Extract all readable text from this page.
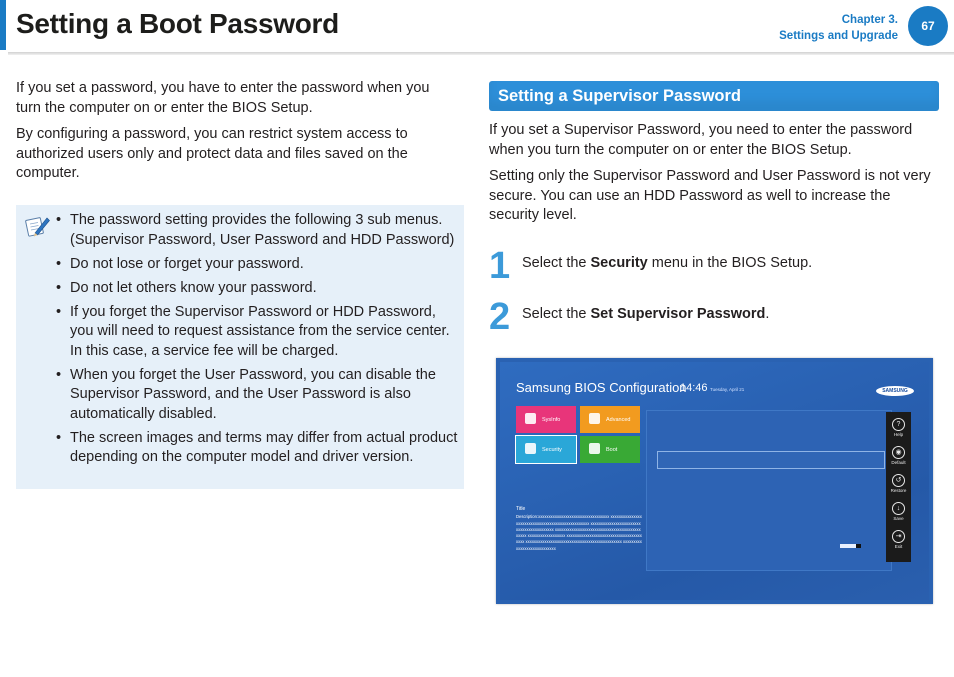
Setting a Boot Password	Chapter 3.
Settings and Upgrade
67

If you set a password, you have to enter the password when you turn the computer on or enter the BIOS Setup.

By configuring a password, you can restrict system access to authorized users only and protect data and files saved on the computer.

• The password setting provides the following 3 sub menus. (Supervisor Password, User Password and HDD Password)
• Do not lose or forget your password.
• Do not let others know your password.
• If you forget the Supervisor Password or HDD Password, you will need to request assistance from the service center. In this case, a service fee will be charged.
• When you forget the User Password, you can disable the Supervisor Password, and the User Password is also automatically disabled.
• The screen images and terms may differ from actual product depending on the computer model and driver version.
Setting a Supervisor Password

If you set a Supervisor Password, you need to enter the password when you turn the computer on or enter the BIOS Setup.

Setting only the Supervisor Password and User Password is not very secure. You can use an HDD Password as well to increase the security level.

1 Select the Security menu in the BIOS Setup.
2 Select the Set Supervisor Password.
Samsung BIOS Configuration
14:46 Tuesday, April 21	SAMSUNG
SysInfo	Advanced
Security	Boot
Title
Description:xxxxxxxxxxxxxxxxxxxxxxxxxxxxxxxxxx xxxxxxxxxxxxxxxxxxxxxxxxxxxxxxxxxxxxxxxxxxxxxxxxxx xxxxxxxxxxxxxxxxxxxxxxxxxxxxxxxxxxxxxxxxxx xxxxxxxxxxxxxxxxxxxxxxxxxxxxxxxxxxxxxxxxxxxxxx xxxxxxxxxxxxxxxxxx xxxxxxxxxxxxxxxxxxxxxxxxxxxxxxxxxxxxxxxx xxxxxxxxxxxxxxxxxxxxxxxxxxxxxxxxxxxxxxxxxxxxxx xxxxxxxxxxxxxxxxxxxxxxxxxxxx
?
Help
◉
Default
↺
Restore
↓
Save
⇥
Exit
